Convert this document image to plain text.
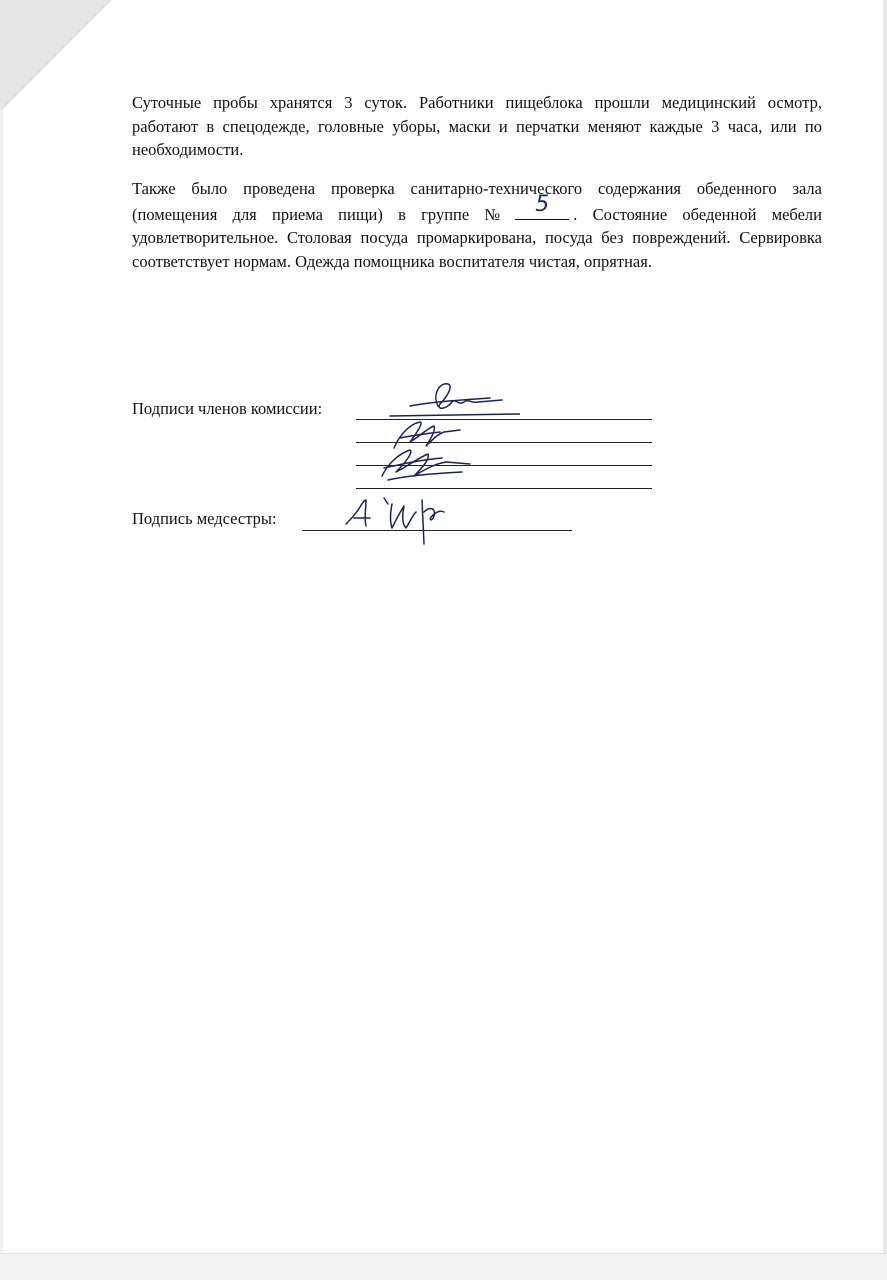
Суточные пробы хранятся 3 суток. Работники пищеблока прошли медицинский осмотр, работают в спецодежде, головные уборы, маски и перчатки меняют каждые 3 часа, или по необходимости.

Также было проведена проверка санитарно-технического содержания обеденного зала (помещения для приема пищи) в группе №	5	. Состояние обеденной мебели удовлетворительное. Столовая посуда промаркирована, посуда без повреждений. Сервировка соответствует нормам. Одежда помощника воспитателя чистая, опрятная.

Подписи членов комиссии:
Подпись медсестры:
